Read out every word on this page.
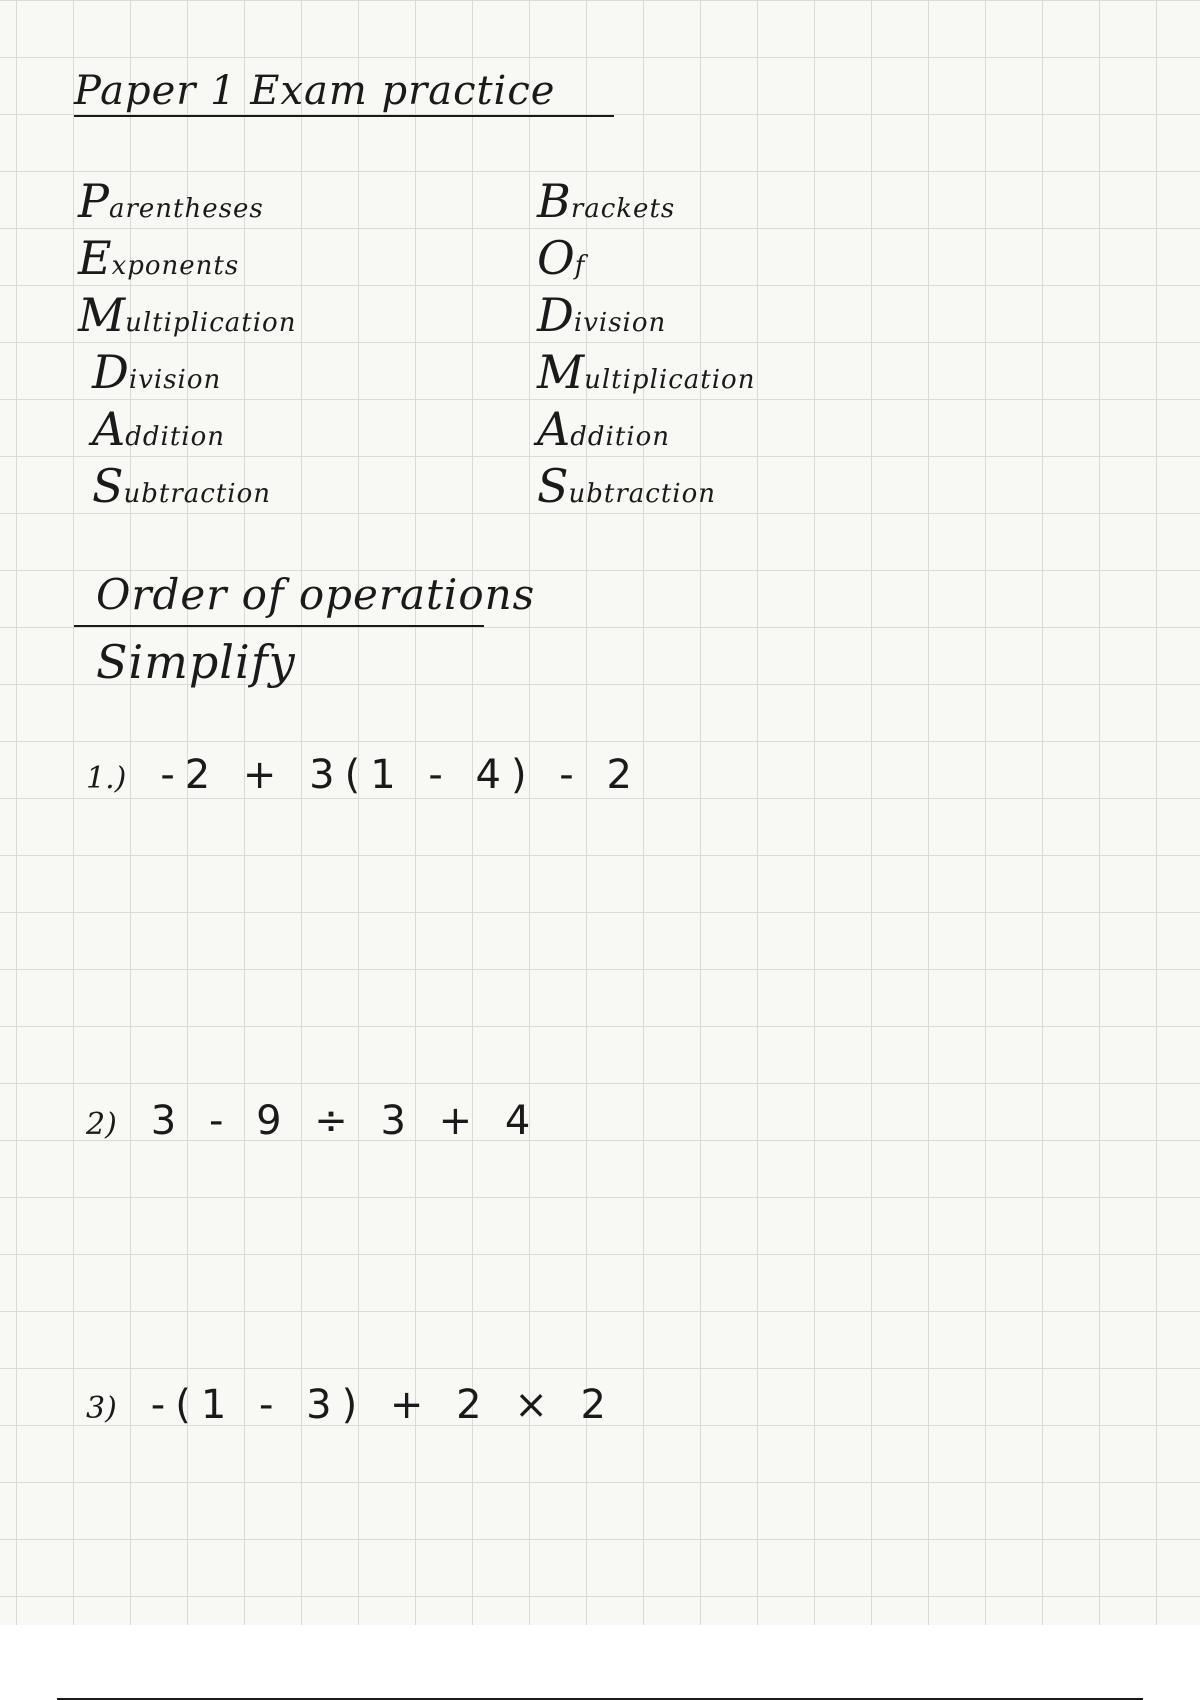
Paper 1 Exam practice
Parentheses
Exponents
Multiplication
Division
Addition
Subtraction
Brackets
Of
Division
Multiplication
Addition
Subtraction
Order of operations
Simplify
1.) -2 + 3(1 - 4) - 2
2) 3 - 9 ÷ 3 + 4
3) -(1 - 3) + 2 × 2
